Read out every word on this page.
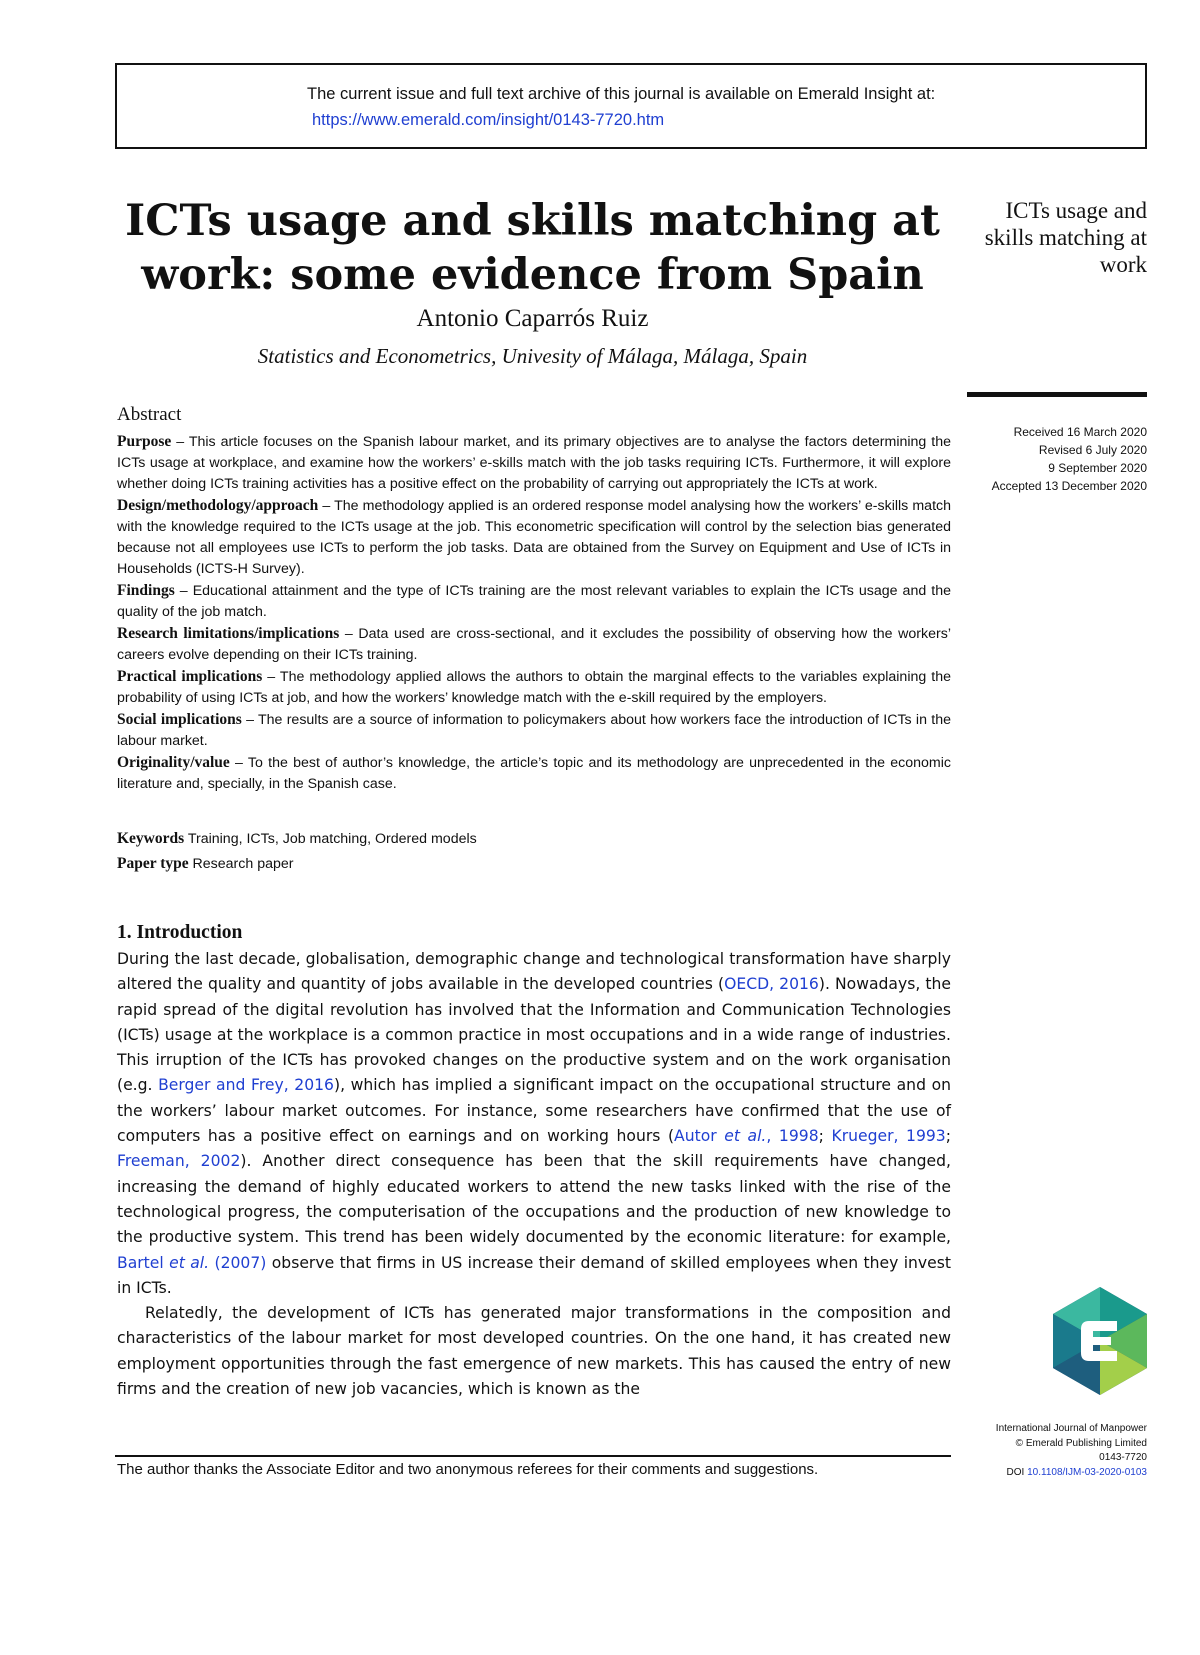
The current issue and full text archive of this journal is available on Emerald Insight at:
https://www.emerald.com/insight/0143-7720.htm
ICTs usage and skills matching at work: some evidence from Spain
Antonio Caparrós Ruiz
Statistics and Econometrics, Univesity of Málaga, Málaga, Spain
ICTs usage and skills matching at work
Received 16 March 2020
Revised 6 July 2020
9 September 2020
Accepted 13 December 2020
Abstract

Purpose – This article focuses on the Spanish labour market, and its primary objectives are to analyse the factors determining the ICTs usage at workplace, and examine how the workers’ e-skills match with the job tasks requiring ICTs. Furthermore, it will explore whether doing ICTs training activities has a positive effect on the probability of carrying out appropriately the ICTs at work.

Design/methodology/approach – The methodology applied is an ordered response model analysing how the workers’ e-skills match with the knowledge required to the ICTs usage at the job. This econometric specification will control by the selection bias generated because not all employees use ICTs to perform the job tasks. Data are obtained from the Survey on Equipment and Use of ICTs in Households (ICTS-H Survey).

Findings – Educational attainment and the type of ICTs training are the most relevant variables to explain the ICTs usage and the quality of the job match.

Research limitations/implications – Data used are cross-sectional, and it excludes the possibility of observing how the workers’ careers evolve depending on their ICTs training.

Practical implications – The methodology applied allows the authors to obtain the marginal effects to the variables explaining the probability of using ICTs at job, and how the workers’ knowledge match with the e-skill required by the employers.

Social implications – The results are a source of information to policymakers about how workers face the introduction of ICTs in the labour market.

Originality/value – To the best of author’s knowledge, the article’s topic and its methodology are unprecedented in the economic literature and, specially, in the Spanish case.

Keywords Training, ICTs, Job matching, Ordered models
Paper type Research paper
1. Introduction

During the last decade, globalisation, demographic change and technological transformation have sharply altered the quality and quantity of jobs available in the developed countries (OECD, 2016). Nowadays, the rapid spread of the digital revolution has involved that the Information and Communication Technologies (ICTs) usage at the workplace is a common practice in most occupations and in a wide range of industries. This irruption of the ICTs has provoked changes on the productive system and on the work organisation (e.g. Berger and Frey, 2016), which has implied a significant impact on the occupational structure and on the workers’ labour market outcomes. For instance, some researchers have confirmed that the use of computers has a positive effect on earnings and on working hours (Autor et al., 1998; Krueger, 1993; Freeman, 2002). Another direct consequence has been that the skill requirements have changed, increasing the demand of highly educated workers to attend the new tasks linked with the rise of the technological progress, the computerisation of the occupations and the production of new knowledge to the productive system. This trend has been widely documented by the economic literature: for example, Bartel et al. (2007) observe that firms in US increase their demand of skilled employees when they invest in ICTs.

Relatedly, the development of ICTs has generated major transformations in the composition and characteristics of the labour market for most developed countries. On the one hand, it has created new employment opportunities through the fast emergence of new markets. This has caused the entry of new firms and the creation of new job vacancies, which is known as the

The author thanks the Associate Editor and two anonymous referees for their comments and suggestions.
International Journal of Manpower
© Emerald Publishing Limited
0143-7720
DOI 10.1108/IJM-03-2020-0103
